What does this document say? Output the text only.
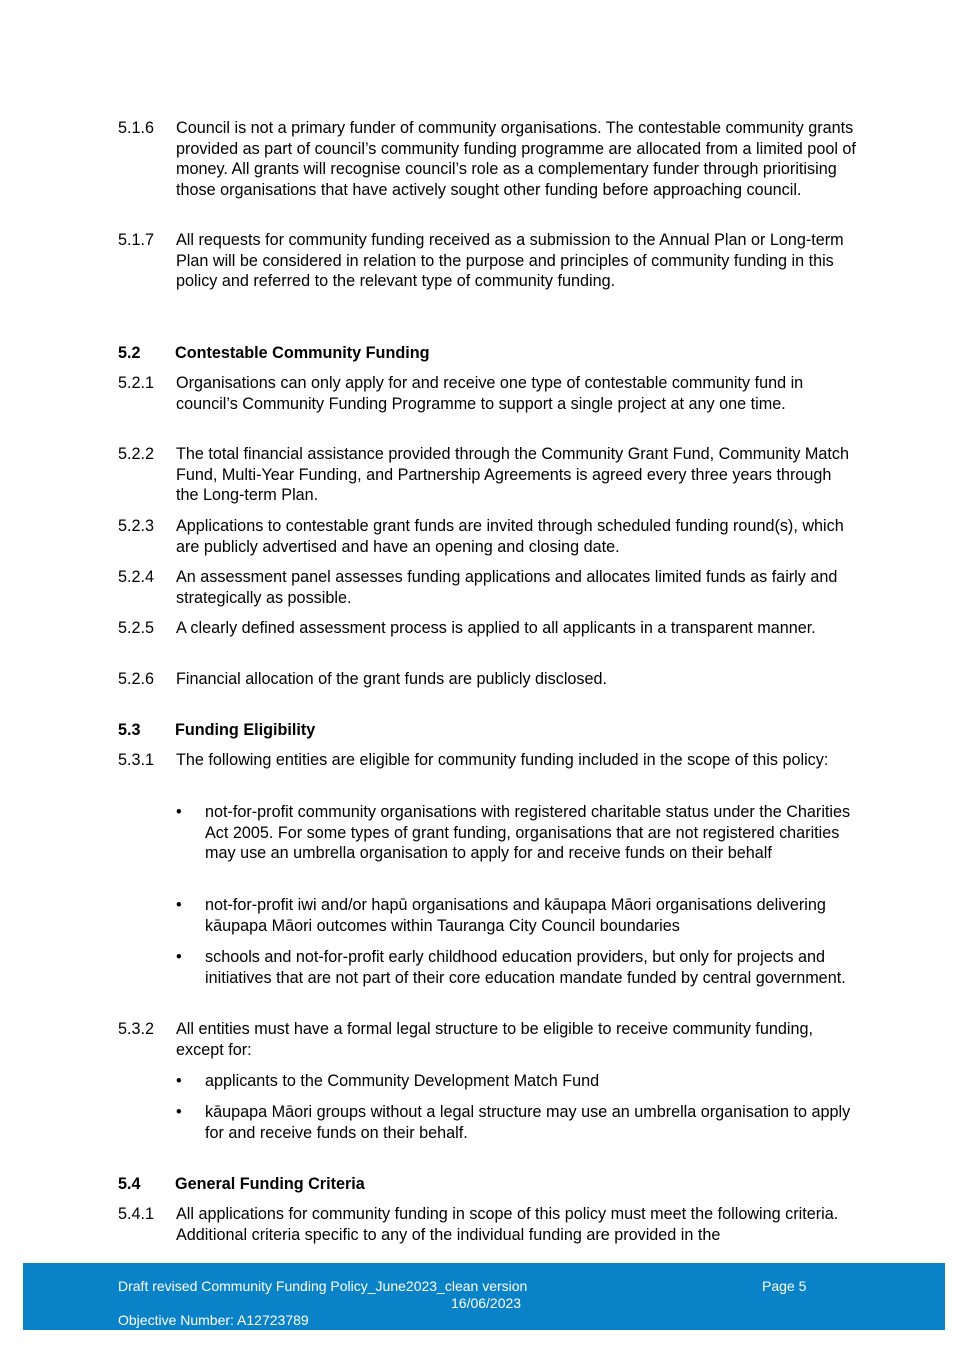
5.1.6 Council is not a primary funder of community organisations. The contestable community grants provided as part of council’s community funding programme are allocated from a limited pool of money. All grants will recognise council’s role as a complementary funder through prioritising those organisations that have actively sought other funding before approaching council.
5.1.7 All requests for community funding received as a submission to the Annual Plan or Long-term Plan will be considered in relation to the purpose and principles of community funding in this policy and referred to the relevant type of community funding.
5.2 Contestable Community Funding
5.2.1 Organisations can only apply for and receive one type of contestable community fund in council’s Community Funding Programme to support a single project at any one time.
5.2.2 The total financial assistance provided through the Community Grant Fund, Community Match Fund, Multi-Year Funding, and Partnership Agreements is agreed every three years through the Long-term Plan.
5.2.3 Applications to contestable grant funds are invited through scheduled funding round(s), which are publicly advertised and have an opening and closing date.
5.2.4 An assessment panel assesses funding applications and allocates limited funds as fairly and strategically as possible.
5.2.5 A clearly defined assessment process is applied to all applicants in a transparent manner.
5.2.6 Financial allocation of the grant funds are publicly disclosed.
5.3 Funding Eligibility
5.3.1 The following entities are eligible for community funding included in the scope of this policy:
• not-for-profit community organisations with registered charitable status under the Charities Act 2005. For some types of grant funding, organisations that are not registered charities may use an umbrella organisation to apply for and receive funds on their behalf
• not-for-profit iwi and/or hapū organisations and kāupapa Māori organisations delivering kāupapa Māori outcomes within Tauranga City Council boundaries
• schools and not-for-profit early childhood education providers, but only for projects and initiatives that are not part of their core education mandate funded by central government.
5.3.2 All entities must have a formal legal structure to be eligible to receive community funding, except for:
• applicants to the Community Development Match Fund
• kāupapa Māori groups without a legal structure may use an umbrella organisation to apply for and receive funds on their behalf.
5.4 General Funding Criteria
5.4.1 All applications for community funding in scope of this policy must meet the following criteria. Additional criteria specific to any of the individual funding are provided in the
Draft revised Community Funding Policy_June2023_clean version	Page 5
16/06/2023
Objective Number: A12723789
